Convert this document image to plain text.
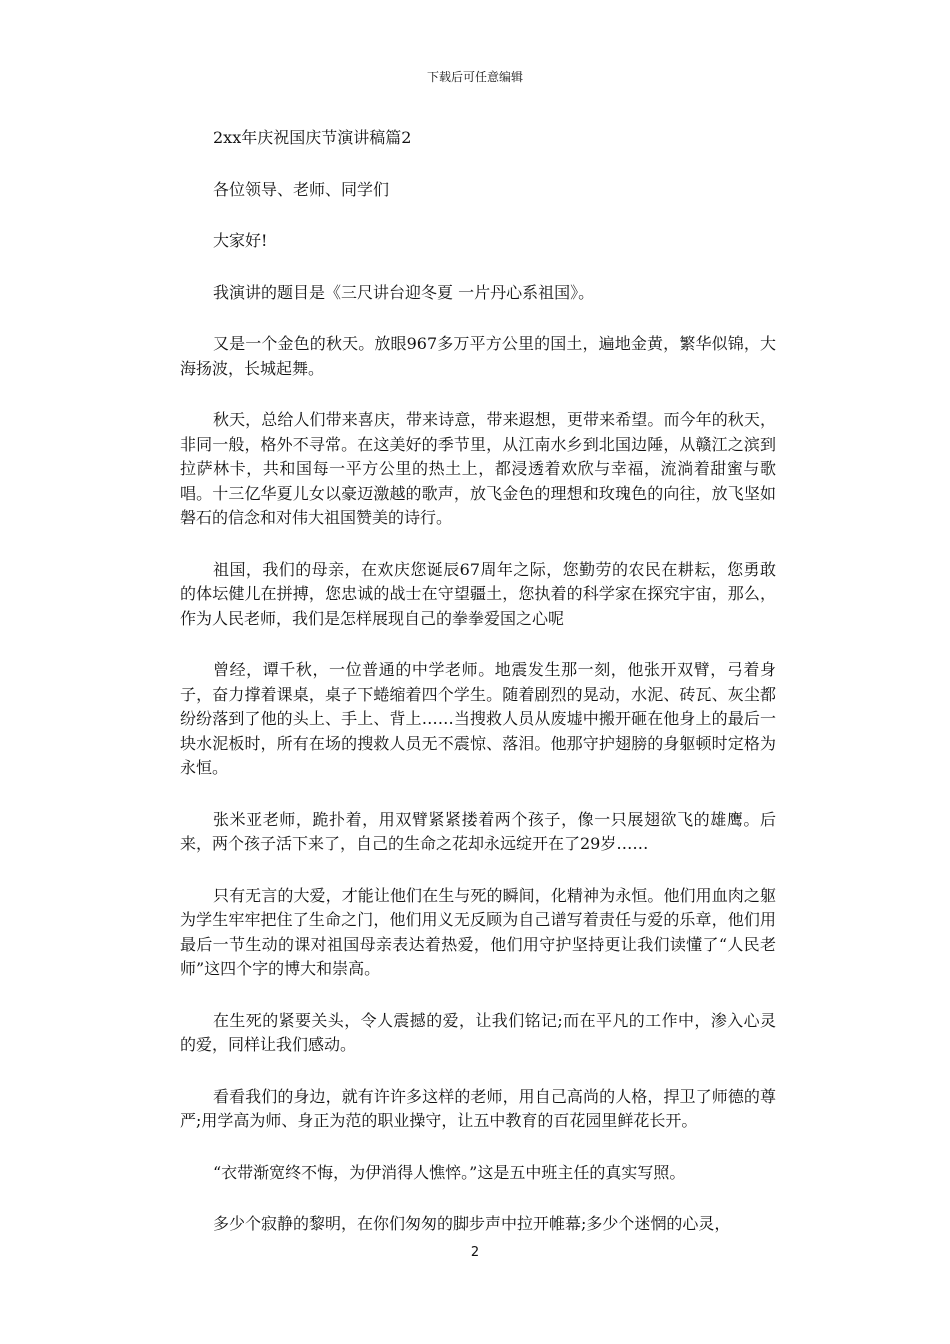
下载后可任意编辑

2xx年庆祝国庆节演讲稿篇2

各位领导、老师、同学们

大家好!

我演讲的题目是《三尺讲台迎冬夏 一片丹心系祖国》。

又是一个金色的秋天。放眼967多万平方公里的国土，遍地金黄，繁华似锦，大海扬波，长城起舞。

秋天，总给人们带来喜庆，带来诗意，带来遐想，更带来希望。而今年的秋天，非同一般，格外不寻常。在这美好的季节里，从江南水乡到北国边陲，从赣江之滨到拉萨林卡，共和国每一平方公里的热土上，都浸透着欢欣与幸福，流淌着甜蜜与歌唱。十三亿华夏儿女以豪迈激越的歌声，放飞金色的理想和玫瑰色的向往，放飞坚如磐石的信念和对伟大祖国赞美的诗行。

祖国，我们的母亲，在欢庆您诞辰67周年之际，您勤劳的农民在耕耘，您勇敢的体坛健儿在拼搏，您忠诚的战士在守望疆土，您执着的科学家在探究宇宙，那么，作为人民老师，我们是怎样展现自己的拳拳爱国之心呢

曾经，谭千秋，一位普通的中学老师。地震发生那一刻，他张开双臂，弓着身子，奋力撑着课桌，桌子下蜷缩着四个学生。随着剧烈的晃动，水泥、砖瓦、灰尘都纷纷落到了他的头上、手上、背上……当搜救人员从废墟中搬开砸在他身上的最后一块水泥板时，所有在场的搜救人员无不震惊、落泪。他那守护翅膀的身躯顿时定格为永恒。

张米亚老师，跪扑着，用双臂紧紧搂着两个孩子，像一只展翅欲飞的雄鹰。后来，两个孩子活下来了，自己的生命之花却永远绽开在了29岁……

只有无言的大爱，才能让他们在生与死的瞬间，化精神为永恒。他们用血肉之躯为学生牢牢把住了生命之门，他们用义无反顾为自己谱写着责任与爱的乐章，他们用最后一节生动的课对祖国母亲表达着热爱，他们用守护坚持更让我们读懂了“人民老师”这四个字的博大和崇高。

在生死的紧要关头，令人震撼的爱，让我们铭记;而在平凡的工作中，渗入心灵的爱，同样让我们感动。

看看我们的身边，就有许许多这样的老师，用自己高尚的人格，捍卫了师德的尊严;用学高为师、身正为范的职业操守，让五中教育的百花园里鲜花长开。

“衣带渐宽终不悔，为伊消得人憔悴。”这是五中班主任的真实写照。

多少个寂静的黎明，在你们匆匆的脚步声中拉开帷幕;多少个迷惘的心灵，

2
